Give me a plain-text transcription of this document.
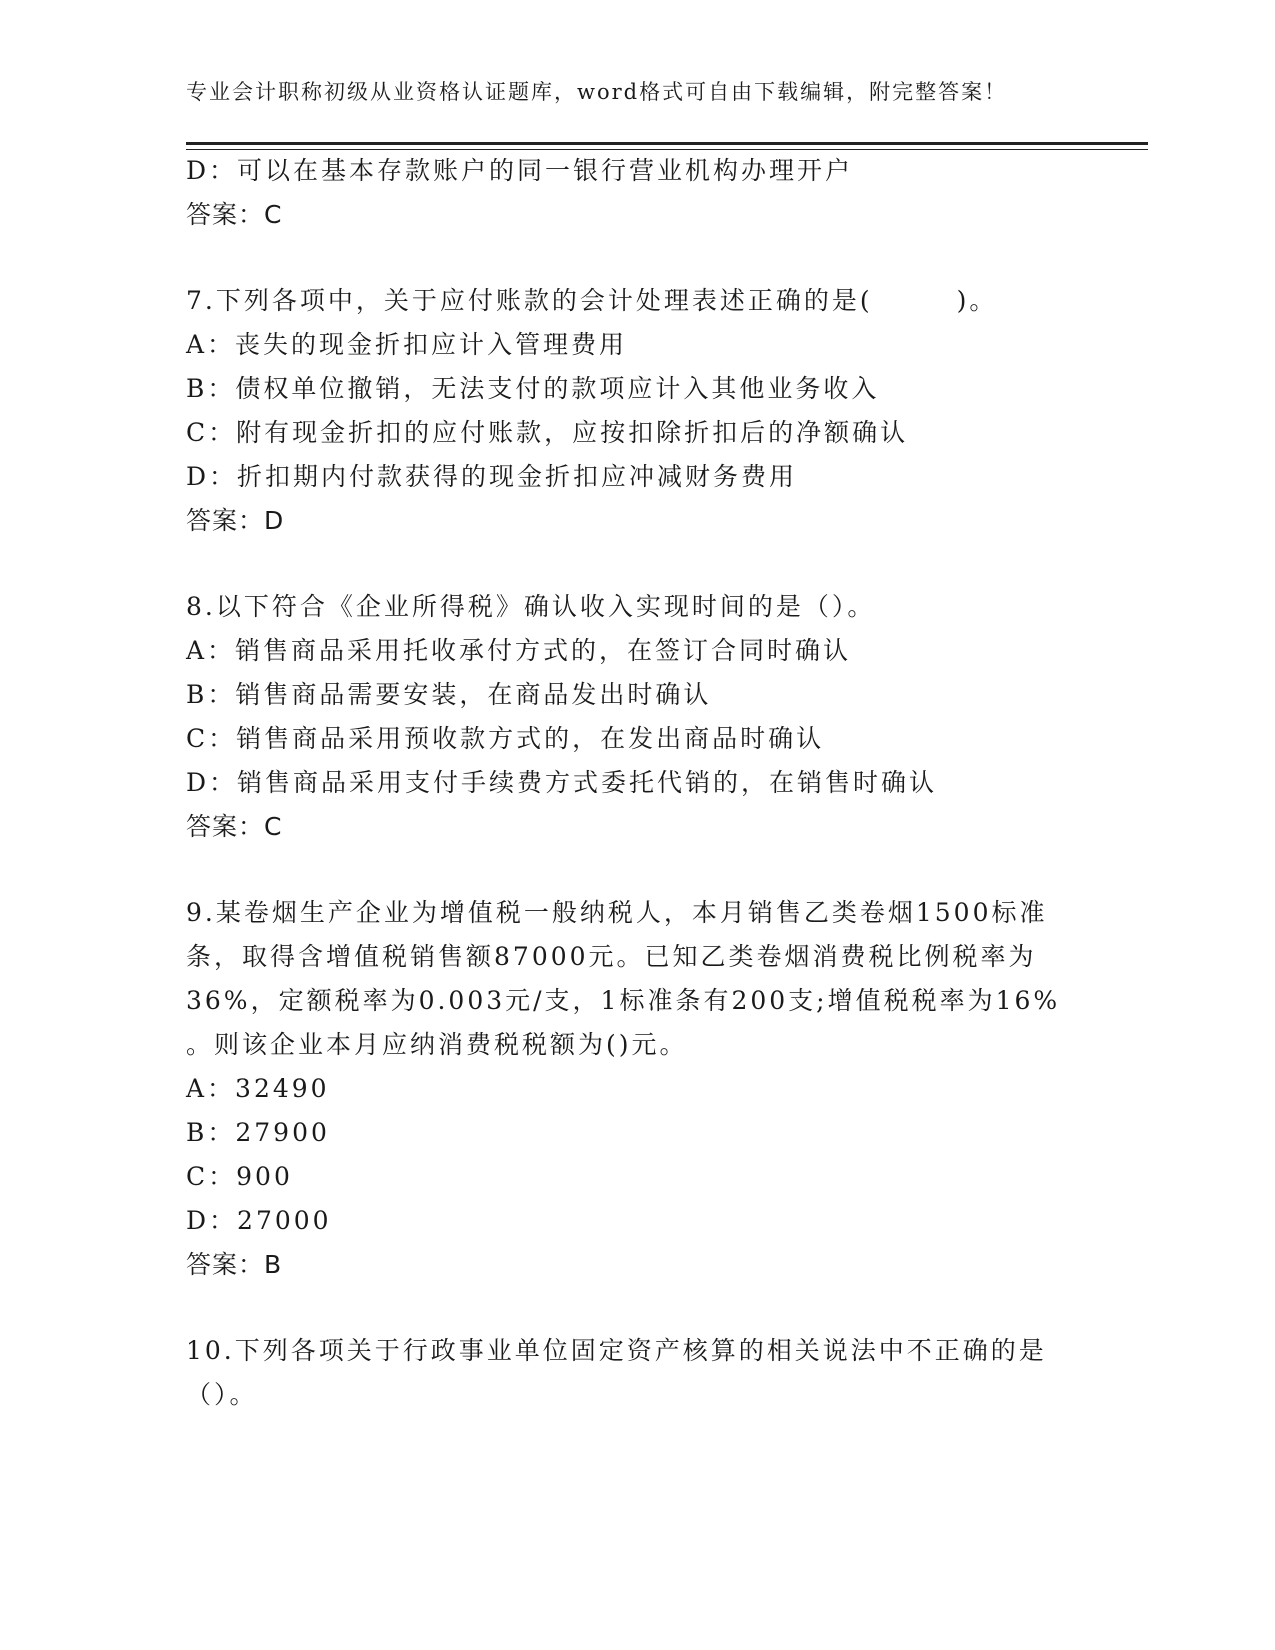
专业会计职称初级从业资格认证题库，word格式可自由下载编辑，附完整答案！
D：可以在基本存款账户的同一银行营业机构办理开户
答案：C
7.下列各项中，关于应付账款的会计处理表述正确的是(　　　)。
A：丧失的现金折扣应计入管理费用
B：债权单位撤销，无法支付的款项应计入其他业务收入
C：附有现金折扣的应付账款，应按扣除折扣后的净额确认
D：折扣期内付款获得的现金折扣应冲减财务费用
答案：D
8.以下符合《企业所得税》确认收入实现时间的是（）。
A：销售商品采用托收承付方式的，在签订合同时确认
B：销售商品需要安装，在商品发出时确认
C：销售商品采用预收款方式的，在发出商品时确认
D：销售商品采用支付手续费方式委托代销的，在销售时确认
答案：C
9.某卷烟生产企业为增值税一般纳税人，本月销售乙类卷烟1500标准
条，取得含增值税销售额87000元。已知乙类卷烟消费税比例税率为
36%，定额税率为0.003元/支，1标准条有200支;增值税税率为16%
。则该企业本月应纳消费税税额为()元。
A：32490
B：27900
C：900
D：27000
答案：B
10.下列各项关于行政事业单位固定资产核算的相关说法中不正确的是
（）。
